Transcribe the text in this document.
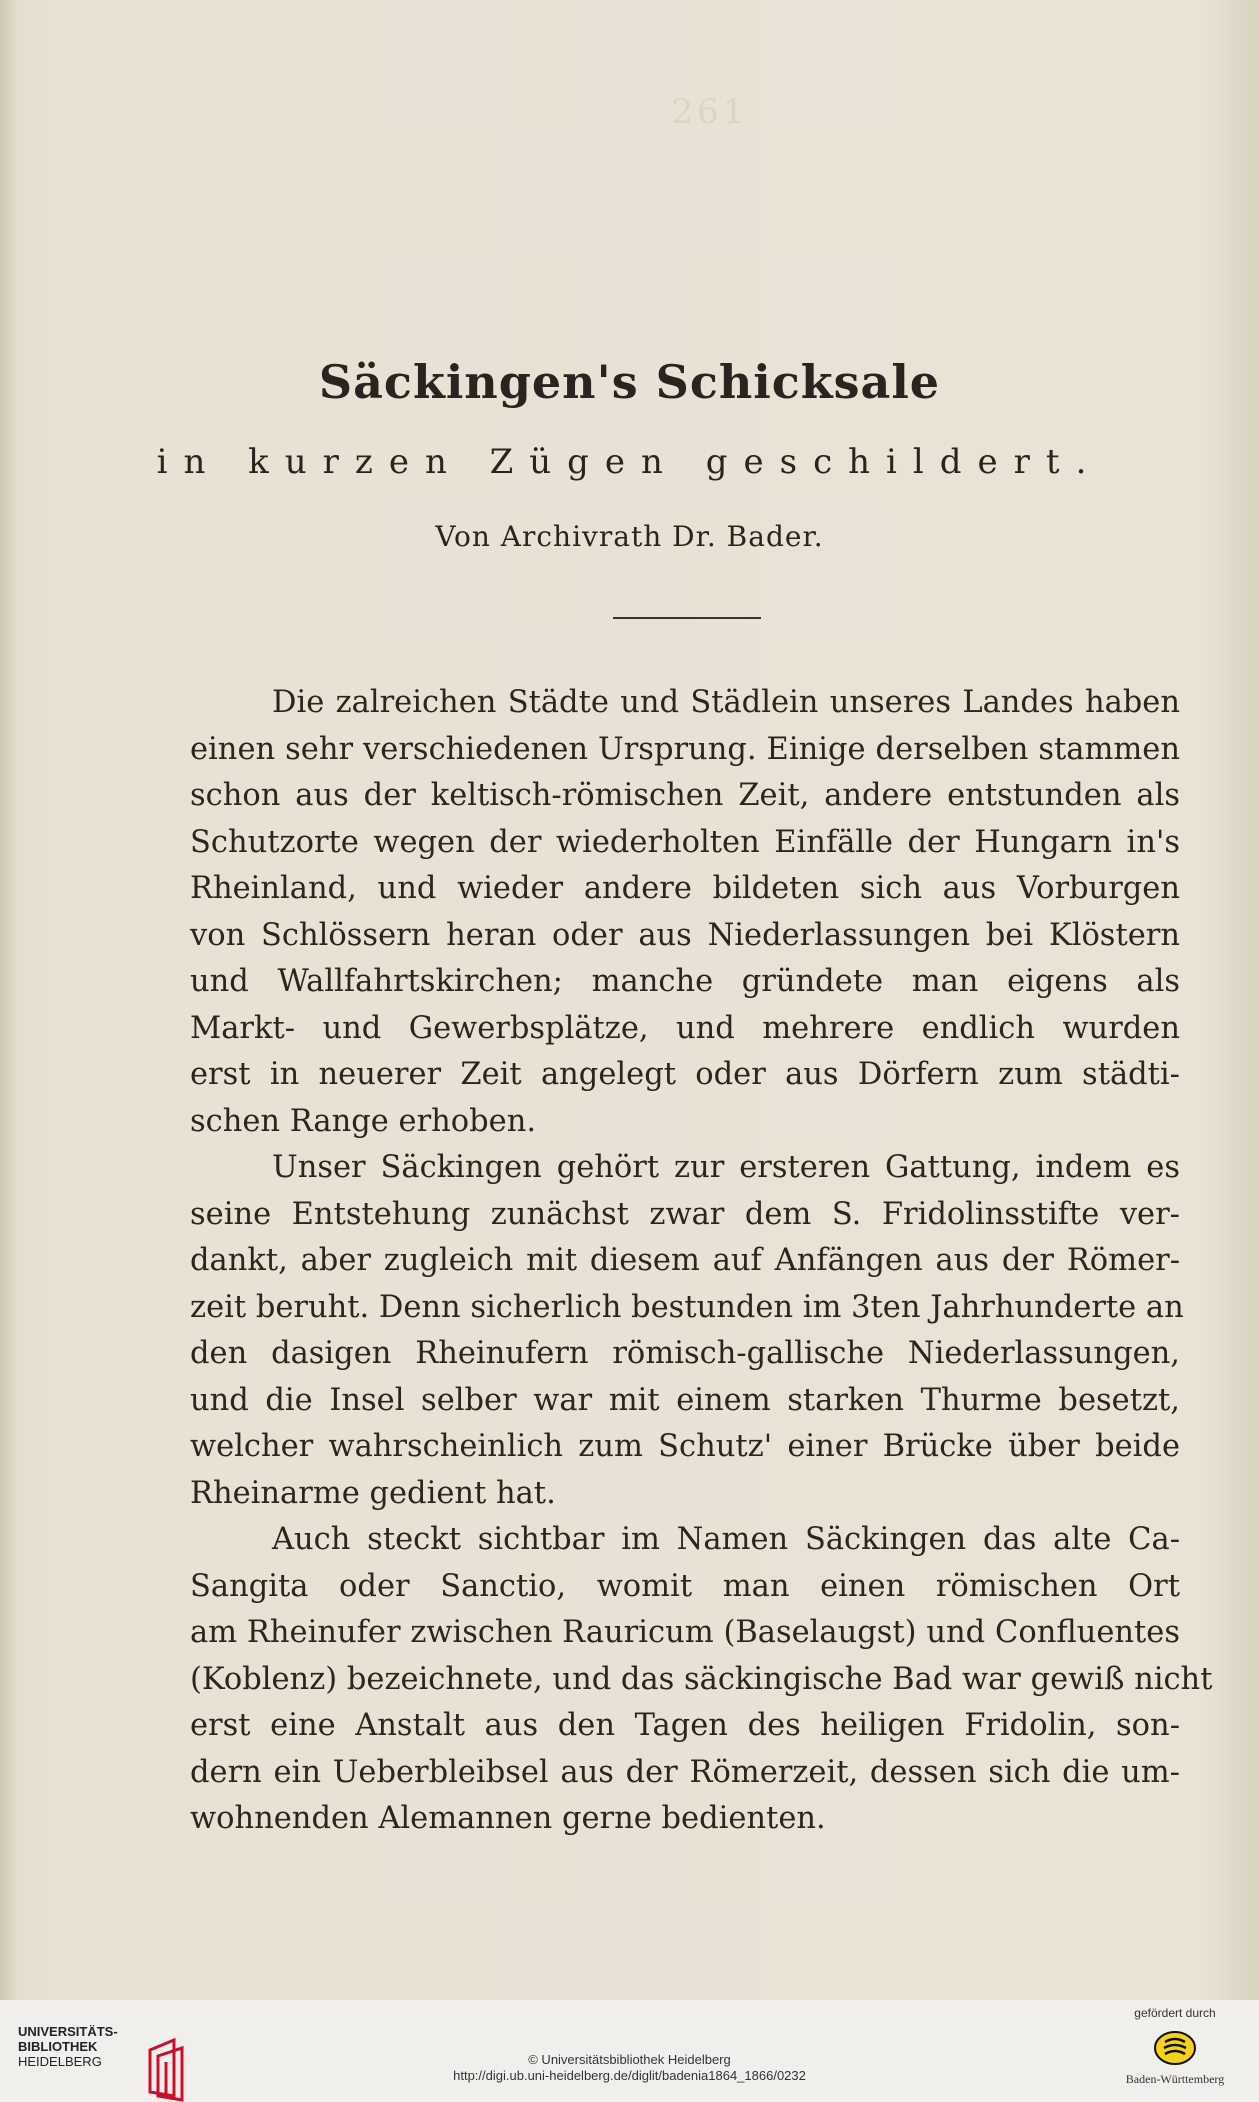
261
Säckingen's Schicksale
in kurzen Zügen geschildert.
Von Archivrath Dr. Bader.
Die zalreichen Städte und Städlein unseres Landes haben
einen sehr verschiedenen Ursprung. Einige derselben stammen
schon aus der keltisch-römischen Zeit, andere entstunden als
Schutzorte wegen der wiederholten Einfälle der Hungarn in's
Rheinland, und wieder andere bildeten sich aus Vorburgen
von Schlössern heran oder aus Niederlassungen bei Klöstern
und Wallfahrtskirchen; manche gründete man eigens als
Markt- und Gewerbsplätze, und mehrere endlich wurden
erst in neuerer Zeit angelegt oder aus Dörfern zum städti-
schen Range erhoben.
Unser Säckingen gehört zur ersteren Gattung, indem es
seine Entstehung zunächst zwar dem S. Fridolinsstifte ver-
dankt, aber zugleich mit diesem auf Anfängen aus der Römer-
zeit beruht. Denn sicherlich bestunden im 3ten Jahrhunderte an
den dasigen Rheinufern römisch-gallische Niederlassungen,
und die Insel selber war mit einem starken Thurme besetzt,
welcher wahrscheinlich zum Schutz' einer Brücke über beide
Rheinarme gedient hat.
Auch steckt sichtbar im Namen Säckingen das alte Ca-
Sangita oder Sanctio, womit man einen römischen Ort
am Rheinufer zwischen Rauricum (Baselaugst) und Confluentes
(Koblenz) bezeichnete, und das säckingische Bad war gewiß nicht
erst eine Anstalt aus den Tagen des heiligen Fridolin, son-
dern ein Ueberbleibsel aus der Römerzeit, dessen sich die um-
wohnenden Alemannen gerne bedienten.
UNIVERSITÄTS-
BIBLIOTHEK
HEIDELBERG	© Universitätsbibliothek Heidelberg
http://digi.ub.uni-heidelberg.de/diglit/badenia1864_1866/0232
gefördert durch
Baden-Württemberg
